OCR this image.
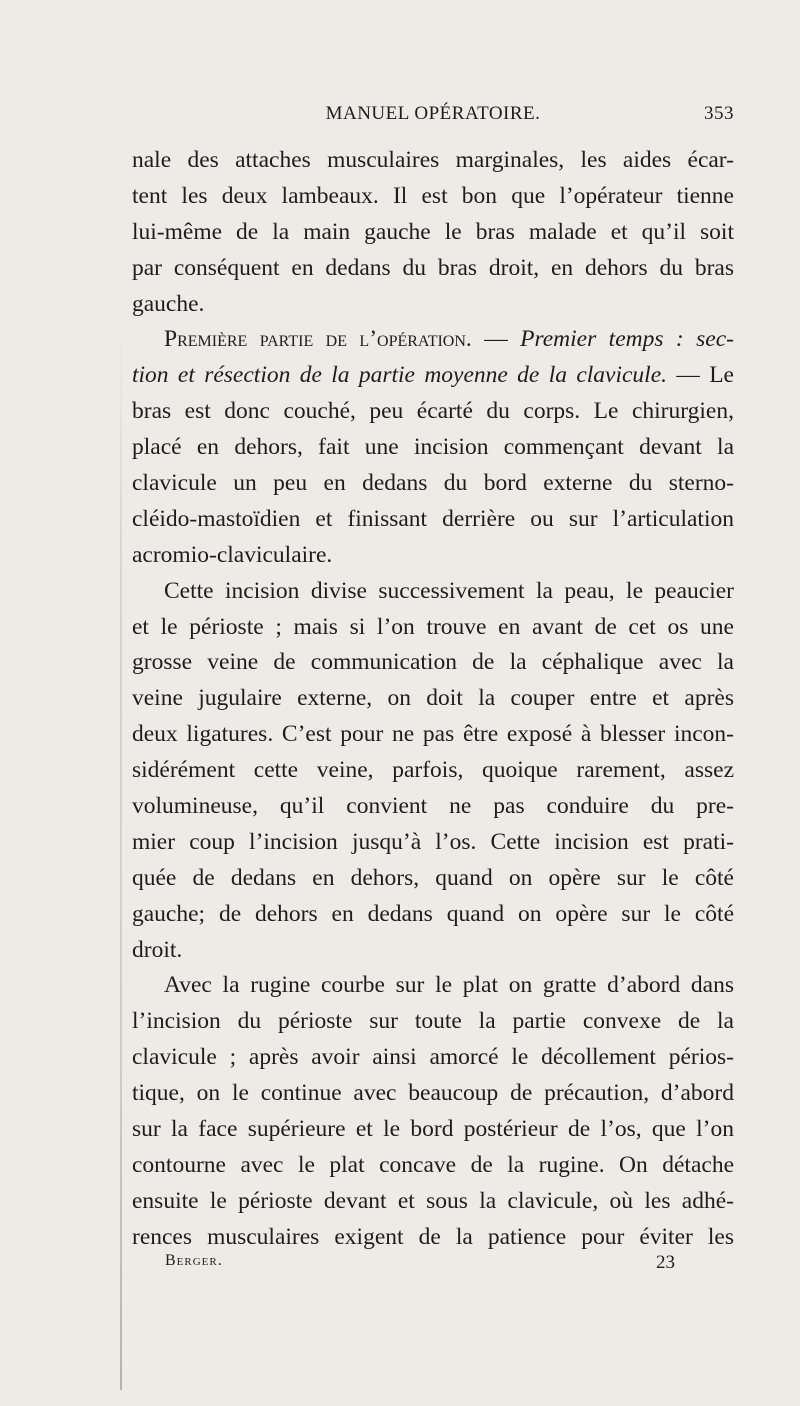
MANUEL OPÉRATOIRE.	353
nale des attaches musculaires marginales, les aides écar-
tent les deux lambeaux. Il est bon que l’opérateur tienne
lui-même de la main gauche le bras malade et qu’il soit
par conséquent en dedans du bras droit, en dehors du bras
gauche.
Première partie de l’opération. — Premier temps : sec-
tion et résection de la partie moyenne de la clavicule. — Le
bras est donc couché, peu écarté du corps. Le chirurgien,
placé en dehors, fait une incision commençant devant la
clavicule un peu en dedans du bord externe du sterno-
cléido-mastoïdien et finissant derrière ou sur l’articulation
acromio-claviculaire.
Cette incision divise successivement la peau, le peaucier
et le périoste ; mais si l’on trouve en avant de cet os une
grosse veine de communication de la céphalique avec la
veine jugulaire externe, on doit la couper entre et après
deux ligatures. C’est pour ne pas être exposé à blesser incon-
sidérément cette veine, parfois, quoique rarement, assez
volumineuse, qu’il convient ne pas conduire du pre-
mier coup l’incision jusqu’à l’os. Cette incision est prati-
quée de dedans en dehors, quand on opère sur le côté
gauche; de dehors en dedans quand on opère sur le côté
droit.
Avec la rugine courbe sur le plat on gratte d’abord dans
l’incision du périoste sur toute la partie convexe de la
clavicule ; après avoir ainsi amorcé le décollement périos-
tique, on le continue avec beaucoup de précaution, d’abord
sur la face supérieure et le bord postérieur de l’os, que l’on
contourne avec le plat concave de la rugine. On détache
ensuite le périoste devant et sous la clavicule, où les adhé-
rences musculaires exigent de la patience pour éviter les
Berger.	23
